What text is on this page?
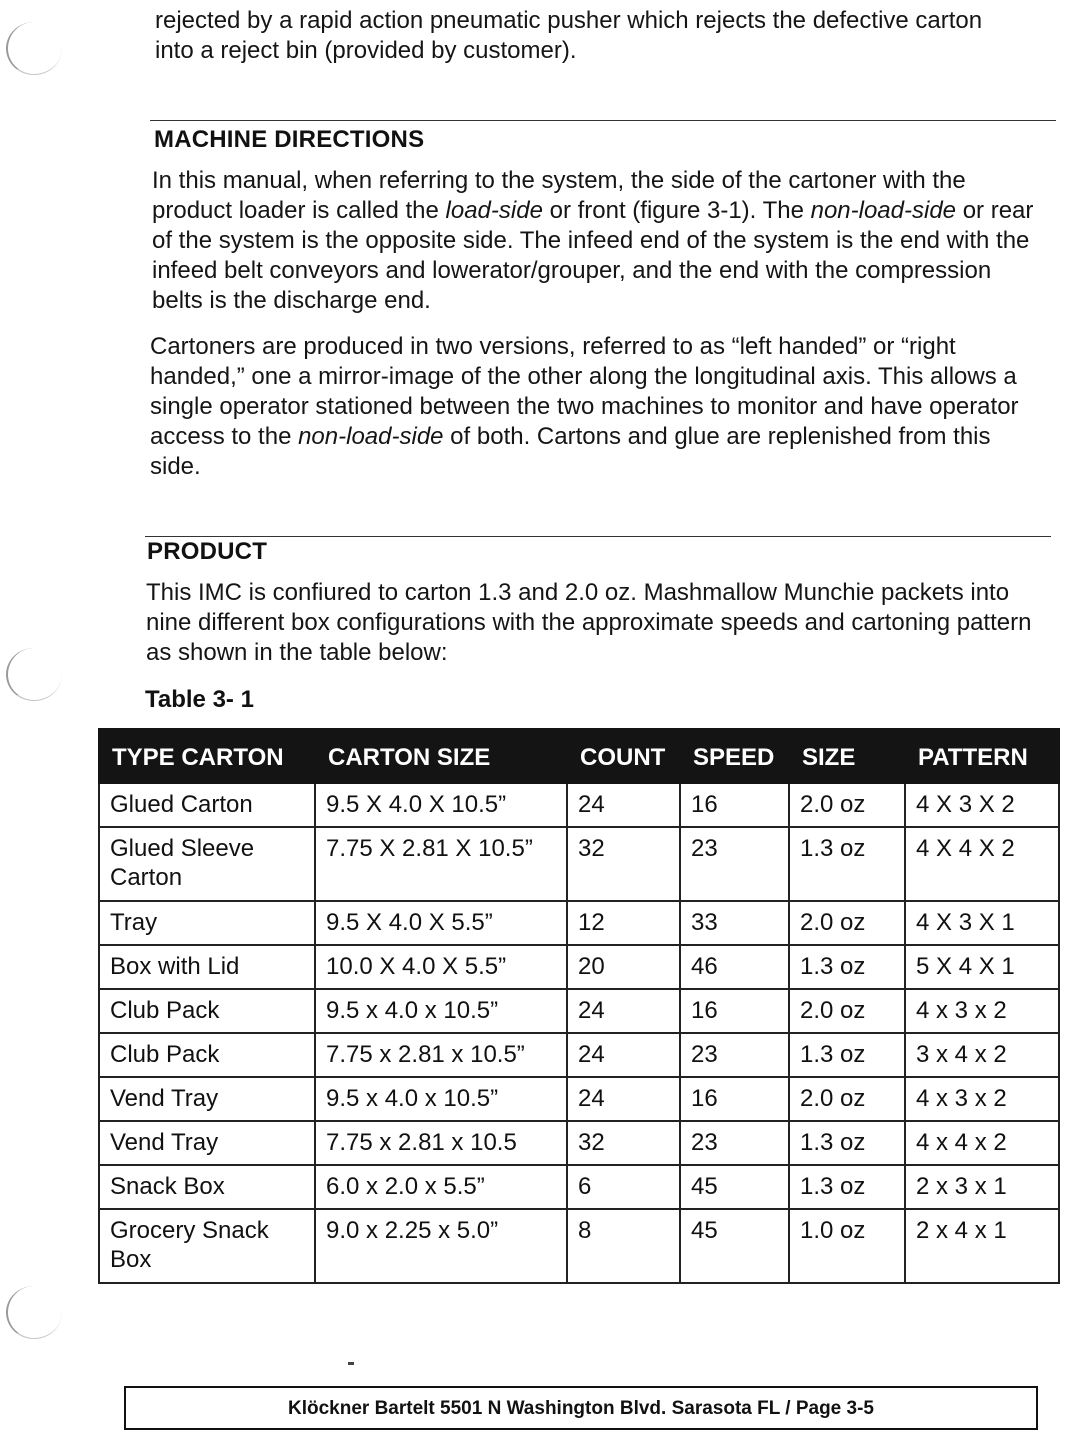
rejected by a rapid action pneumatic pusher which rejects the defective carton into a reject bin (provided by customer).

MACHINE DIRECTIONS

In this manual, when referring to the system, the side of the cartoner with the product loader is called the load-side or front (figure 3-1). The non-load-side or rear of the system is the opposite side. The infeed end of the system is the end with the infeed belt conveyors and lowerator/grouper, and the end with the compression belts is the discharge end.

Cartoners are produced in two versions, referred to as “left handed” or “right handed,” one a mirror-image of the other along the longitudinal axis. This allows a single operator stationed between the two machines to monitor and have operator access to the non-load-side of both. Cartons and glue are replenished from this side.

PRODUCT

This IMC is confiured to carton 1.3 and 2.0 oz. Mashmallow Munchie packets into nine different box configurations with the approximate speeds and cartoning pattern as shown in the table below:

Table 3- 1

TYPE CARTON	CARTON SIZE	COUNT	SPEED	SIZE	PATTERN
Glued Carton	9.5 X 4.0 X 10.5”	24	16	2.0 oz	4 X 3 X 2
Glued Sleeve Carton	7.75 X 2.81 X 10.5”	32	23	1.3 oz	4 X 4 X 2
Tray	9.5 X 4.0 X 5.5”	12	33	2.0 oz	4 X 3 X 1
Box with Lid	10.0 X 4.0 X 5.5”	20	46	1.3 oz	5 X 4 X 1
Club Pack	9.5 x 4.0 x 10.5”	24	16	2.0 oz	4 x 3 x 2
Club Pack	7.75 x 2.81 x 10.5”	24	23	1.3 oz	3 x 4 x 2
Vend Tray	9.5 x 4.0 x 10.5”	24	16	2.0 oz	4 x 3 x 2
Vend Tray	7.75 x 2.81 x 10.5	32	23	1.3 oz	4 x 4 x 2
Snack Box	6.0 x 2.0 x 5.5”	6	45	1.3 oz	2 x 3 x 1
Grocery Snack Box	9.0 x 2.25 x 5.0”	8	45	1.0 oz	2 x 4 x 1
Klöckner Bartelt 5501 N Washington Blvd. Sarasota FL / Page 3-5
